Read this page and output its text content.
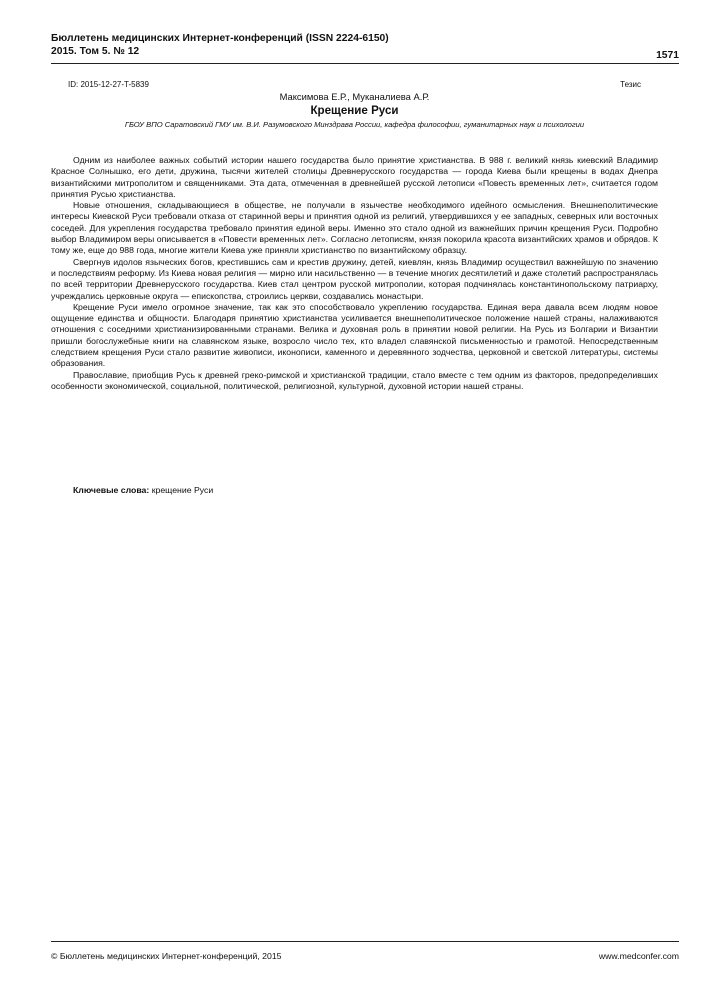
Бюллетень медицинских Интернет-конференций (ISSN 2224-6150)
2015. Том 5. № 12	1571
ID: 2015-12-27-T-5839	Тезис
Максимова Е.Р., Муканалиева А.Р.
Крещение Руси
ГБОУ ВПО Саратовский ГМУ им. В.И. Разумовского Минздрава России, кафедра философии, гуманитарных наук и психологии

Одним из наиболее важных событий истории нашего государства было принятие христианства. В 988 г. великий князь киевский Владимир Красное Солнышко, его дети, дружина, тысячи жителей столицы Древнерусского государства — города Киева были крещены в водах Днепра византийскими митрополитом и священниками. Эта дата, отмеченная в древнейшей русской летописи «Повесть временных лет», считается годом принятия Русью христианства.

Новые отношения, складывающиеся в обществе, не получали в язычестве необходимого идейного осмысления. Внешнеполитические интересы Киевской Руси требовали отказа от старинной веры и принятия одной из религий, утвердившихся у ее западных, северных или восточных соседей. Для укрепления государства требовало принятия единой веры. Именно это стало одной из важнейших причин крещения Руси. Подробно выбор Владимиром веры описывается в «Повести временных лет». Согласно летописям, князя покорила красота византийских храмов и обрядов. К тому же, еще до 988 года, многие жители Киева уже приняли христианство по византийскому образцу.

Свергнув идолов языческих богов, крестившись сам и крестив дружину, детей, киевлян, князь Владимир осуществил важнейшую по значению и последствиям реформу. Из Киева новая религия — мирно или насильственно — в течение многих десятилетий и даже столетий распространялась по всей территории Древнерусского государства. Киев стал центром русской митрополии, которая подчинялась константинопольскому патриарху, учреждались церковные округа — епископства, строились церкви, создавались монастыри.

Крещение Руси имело огромное значение, так как это способствовало укреплению государства. Единая вера давала всем людям новое ощущение единства и общности. Благодаря принятию христианства усиливается внешнеполитическое положение нашей страны, налаживаются отношения с соседними христианизированными странами. Велика и духовная роль в принятии новой религии. На Русь из Болгарии и Византии пришли богослужебные книги на славянском языке, возросло число тех, кто владел славянской письменностью и грамотой. Непосредственным следствием крещения Руси стало развитие живописи, иконописи, каменного и деревянного зодчества, церковной и светской литературы, системы образования.

Православие, приобщив Русь к древней греко-римской и христианской традиции, стало вместе с тем одним из факторов, предопределивших особенности экономической, социальной, политической, религиозной, культурной, духовной истории нашей страны.

Ключевые слова: крещение Руси
© Бюллетень медицинских Интернет-конференций, 2015	www.medconfer.com
